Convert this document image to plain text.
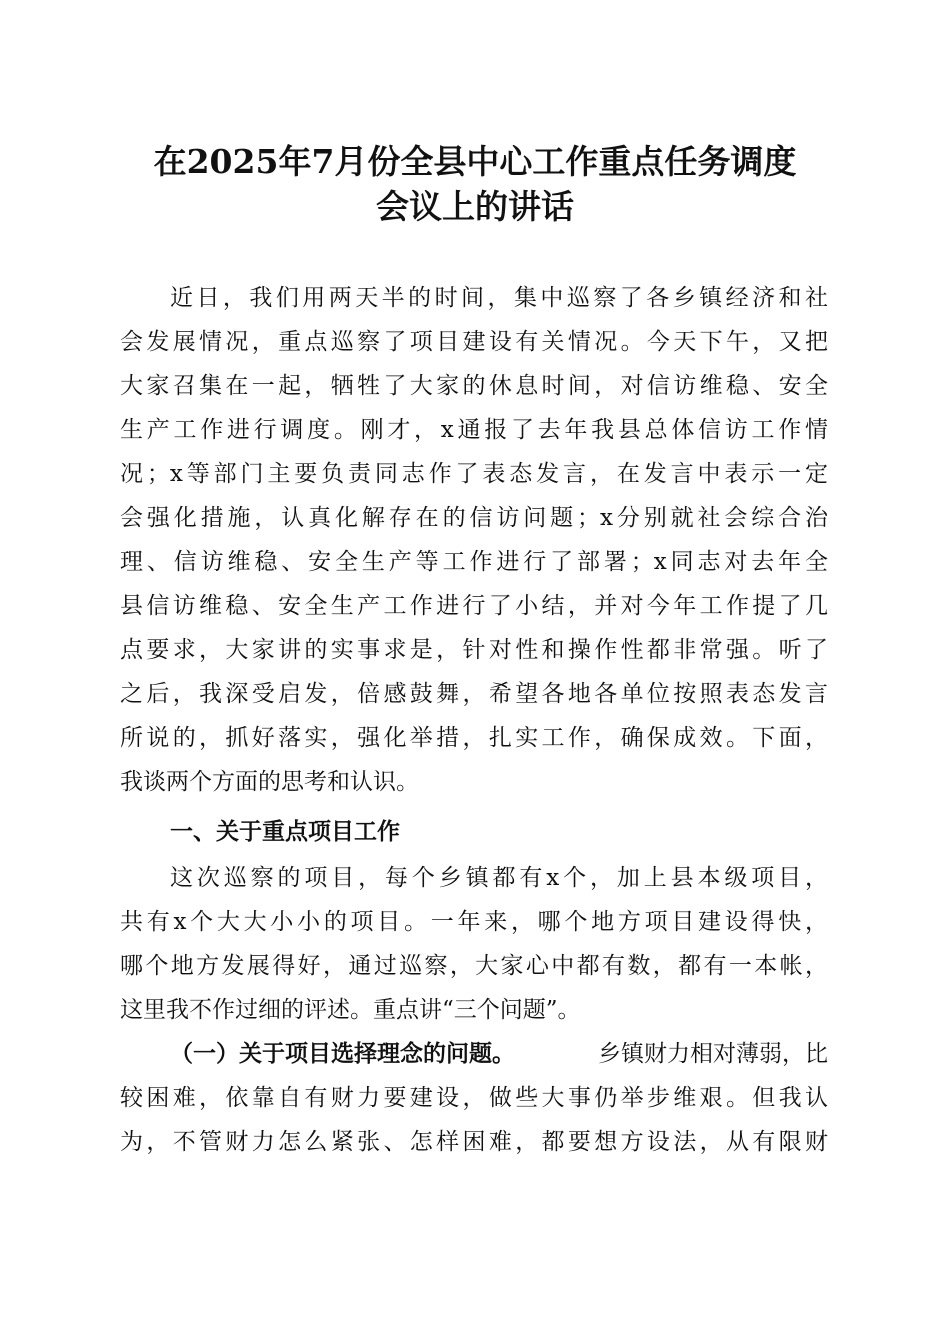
在2025年7月份全县中心工作重点任务调度
会议上的讲话
近日，我们用两天半的时间，集中巡察了各乡镇经济和社
会发展情况，重点巡察了项目建设有关情况。今天下午，又把
大家召集在一起，牺牲了大家的休息时间，对信访维稳、安全
生产工作进行调度。刚才，x通报了去年我县总体信访工作情
况；x等部门主要负责同志作了表态发言，在发言中表示一定
会强化措施，认真化解存在的信访问题；x分别就社会综合治
理、信访维稳、安全生产等工作进行了部署；x同志对去年全
县信访维稳、安全生产工作进行了小结，并对今年工作提了几
点要求，大家讲的实事求是，针对性和操作性都非常强。听了
之后，我深受启发，倍感鼓舞，希望各地各单位按照表态发言
所说的，抓好落实，强化举措，扎实工作，确保成效。下面，
我谈两个方面的思考和认识。
一、关于重点项目工作
这次巡察的项目，每个乡镇都有x个，加上县本级项目，
共有x个大大小小的项目。一年来，哪个地方项目建设得快，
哪个地方发展得好，通过巡察，大家心中都有数，都有一本帐，
这里我不作过细的评述。重点讲“三个问题”。
（一）关于项目选择理念的问题。	乡镇财力相对薄弱，比
较困难，依靠自有财力要建设，做些大事仍举步维艰。但我认
为，不管财力怎么紧张、怎样困难，都要想方设法，从有限财
